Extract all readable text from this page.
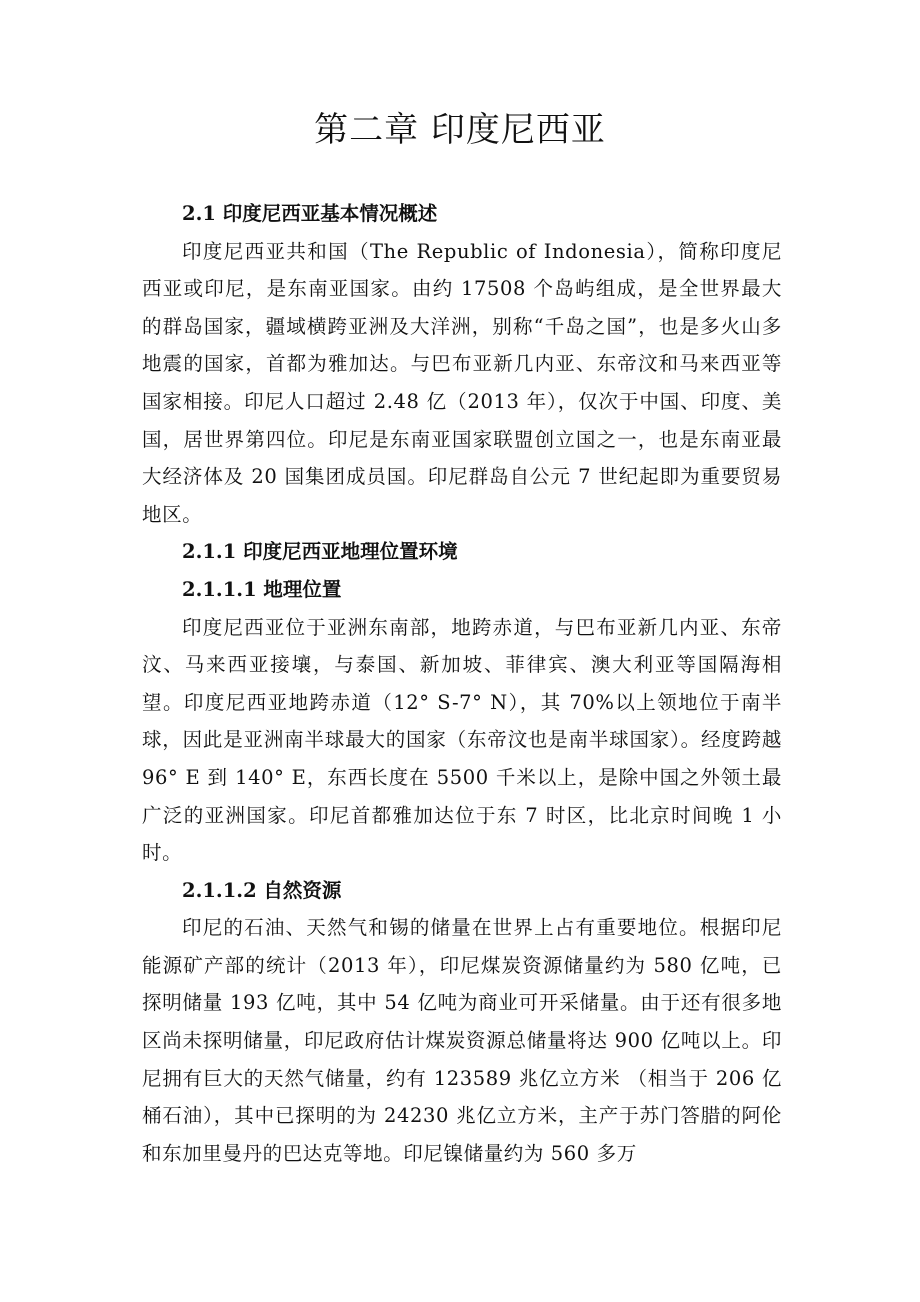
第二章 印度尼西亚

2.1 印度尼西亚基本情况概述

印度尼西亚共和国（The Republic of Indonesia），简称印度尼西亚或印尼，是东南亚国家。由约 17508 个岛屿组成，是全世界最大的群岛国家，疆域横跨亚洲及大洋洲，别称“千岛之国”，也是多火山多地震的国家，首都为雅加达。与巴布亚新几内亚、东帝汶和马来西亚等国家相接。印尼人口超过 2.48 亿（2013 年），仅次于中国、印度、美国，居世界第四位。印尼是东南亚国家联盟创立国之一，也是东南亚最大经济体及 20 国集团成员国。印尼群岛自公元 7 世纪起即为重要贸易地区。

2.1.1 印度尼西亚地理位置环境

2.1.1.1 地理位置

印度尼西亚位于亚洲东南部，地跨赤道，与巴布亚新几内亚、东帝汶、马来西亚接壤，与泰国、新加坡、菲律宾、澳大利亚等国隔海相望。印度尼西亚地跨赤道（12° S-7° N），其 70%以上领地位于南半球，因此是亚洲南半球最大的国家（东帝汶也是南半球国家）。经度跨越 96° E 到 140° E，东西长度在 5500 千米以上，是除中国之外领土最广泛的亚洲国家。印尼首都雅加达位于东 7 时区，比北京时间晚 1 小时。

2.1.1.2 自然资源

印尼的石油、天然气和锡的储量在世界上占有重要地位。根据印尼能源矿产部的统计（2013 年），印尼煤炭资源储量约为 580 亿吨，已探明储量 193 亿吨，其中 54 亿吨为商业可开采储量。由于还有很多地区尚未探明储量，印尼政府估计煤炭资源总储量将达 900 亿吨以上。印尼拥有巨大的天然气储量，约有 123589 兆亿立方米 （相当于 206 亿桶石油），其中已探明的为 24230 兆亿立方米，主产于苏门答腊的阿伦和东加里曼丹的巴达克等地。印尼镍储量约为 560 多万
